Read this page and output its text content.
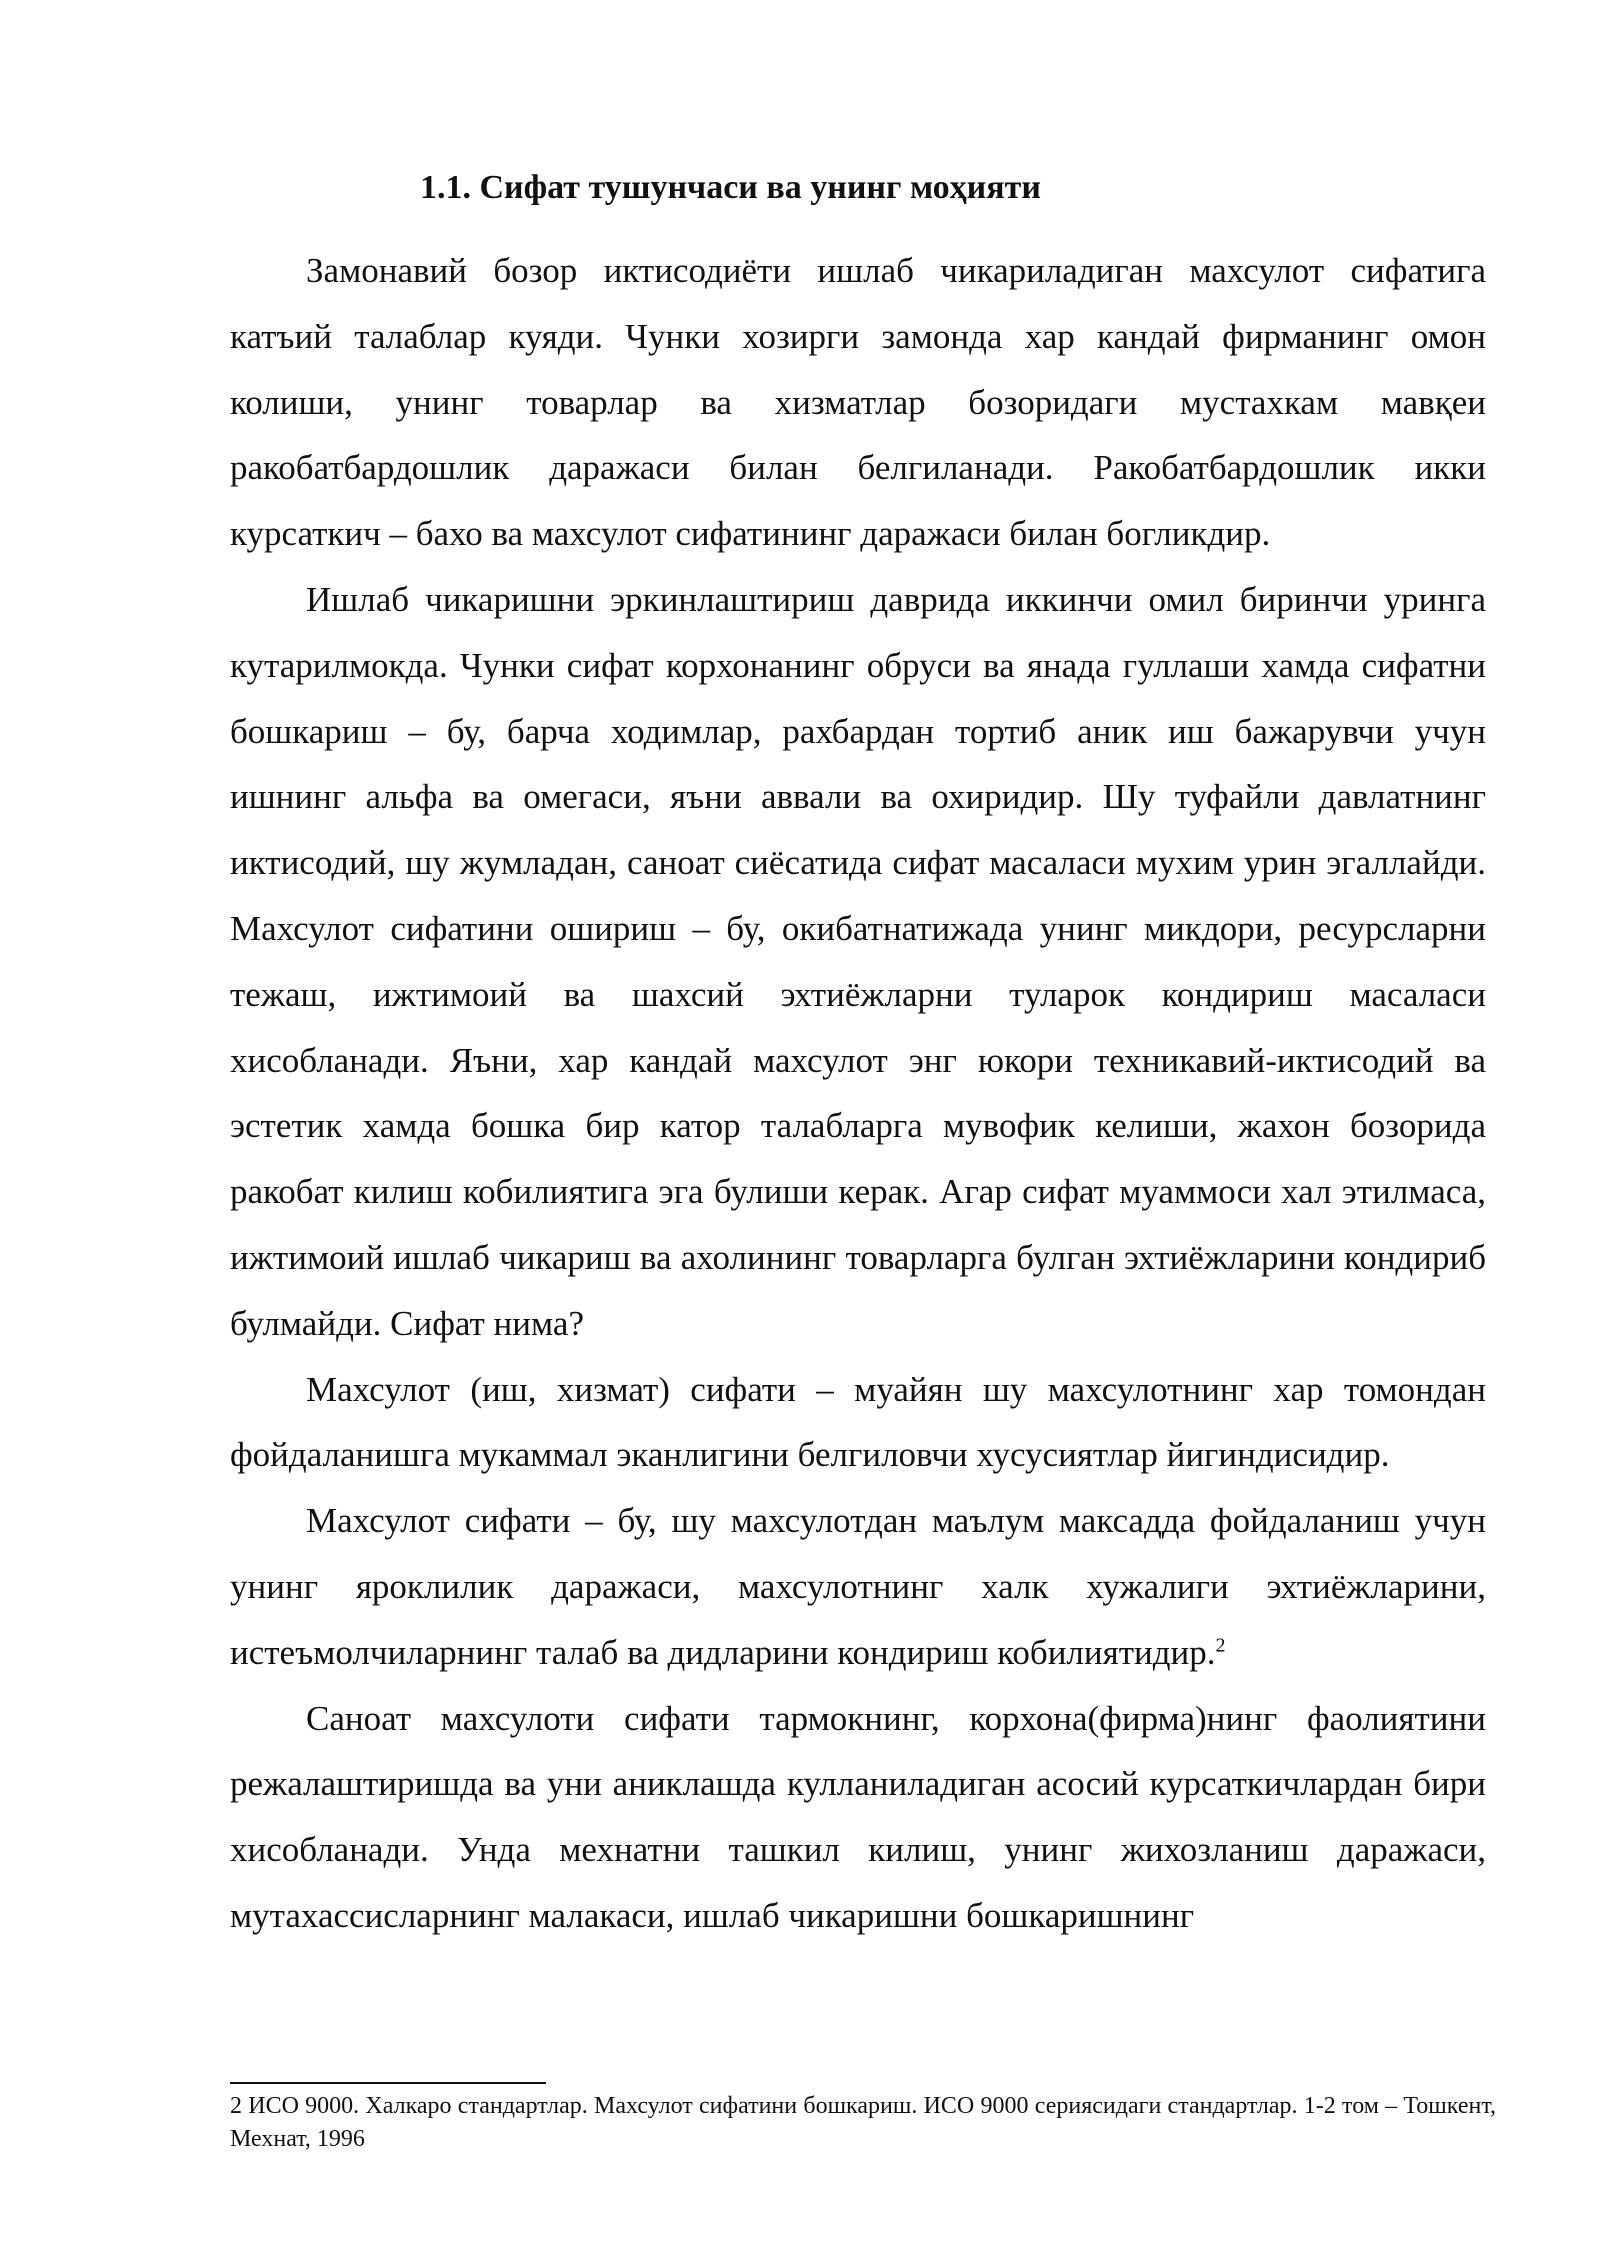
1.1. Сифат тушунчаси ва унинг моҳияти

Замонавий бозор иктисодиёти ишлаб чикариладиган махсулот сифатига катъий талаблар куяди. Чунки хозирги замонда хар кандай фирманинг омон колиши, унинг товарлар ва хизматлар бозоридаги мустахкам мавқеи ракобатбардошлик даражаси билан белгиланади. Ракобатбардошлик икки курсаткич – бахо ва махсулот сифатининг даражаси билан богликдир.

Ишлаб чикаришни эркинлаштириш даврида иккинчи омил биринчи уринга кутарилмокда. Чунки сифат корхонанинг обруси ва янада гуллаши хамда сифатни бошкариш – бу, барча ходимлар, рахбардан тортиб аник иш бажарувчи учун ишнинг альфа ва омегаси, яъни аввали ва охиридир. Шу туфайли давлатнинг иктисодий, шу жумладан, саноат сиёсатида сифат масаласи мухим урин эгаллайди. Махсулот сифатини ошириш – бу, окибатнатижада унинг микдори, ресурсларни тежаш, ижтимоий ва шахсий эхтиёжларни туларок кондириш масаласи хисобланади. Яъни, хар кандай махсулот энг юкори техникавий-иктисодий ва эстетик хамда бошка бир катор талабларга мувофик келиши, жахон бозорида ракобат килиш кобилиятига эга булиши керак. Агар сифат муаммоси хал этилмаса, ижтимоий ишлаб чикариш ва ахолининг товарларга булган эхтиёжларини кондириб булмайди. Сифат нима?

Махсулот (иш, хизмат) сифати – муайян шу махсулотнинг хар томондан фойдаланишга мукаммал эканлигини белгиловчи хусусиятлар йигиндисидир.

Махсулот сифати – бу, шу махсулотдан маълум максадда фойдаланиш учун унинг яроклилик даражаси, махсулотнинг халк хужалиги эхтиёжларини, истеъмолчиларнинг талаб ва дидларини кондириш кобилиятидир.$^2$

Саноат махсулоти сифати тармокнинг, корхона(фирма)нинг фаолиятини режалаштиришда ва уни аниклашда кулланиладиган асосий курсаткичлардан бири хисобланади. Унда мехнатни ташкил килиш, унинг жихозланиш даражаси, мутахассисларнинг малакаси, ишлаб чикаришни бошкаришнинг

2 ИСО 9000. Халкаро стандартлар. Махсулот сифатини бошкариш. ИСО 9000 сериясидаги стандартлар. 1-2 том – Тошкент, Мехнат, 1996
